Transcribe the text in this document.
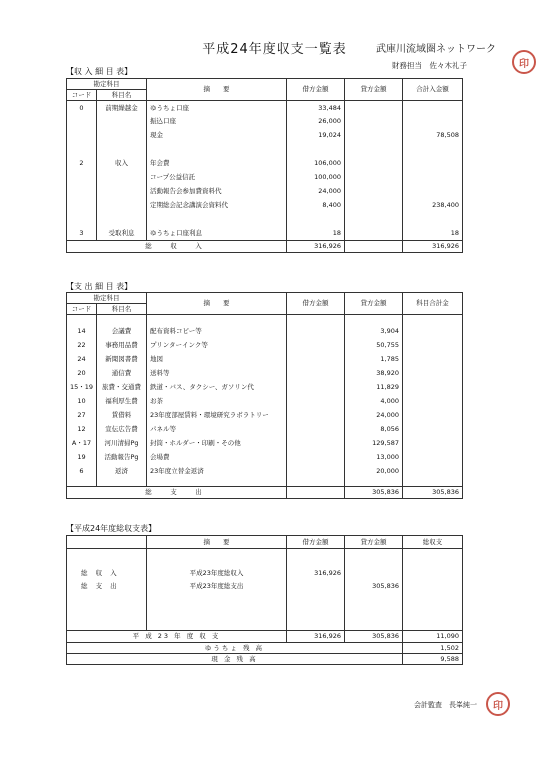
平成24年度収支一覧表	武庫川流域圏ネットワーク
財務担当　佐々木礼子	印
【収 入 細 目 表】
勘定科目		摘　　要	借方金額	貸方金額	合計入金額
コード	科目名				
0	前期繰越金	ゆうちょ口座	33,484		
		振込口座	26,000		
		現金	19,024		78,508

2	収入	年会費	106,000		
		コープ公益信託	100,000		
		活動報告会参加費資料代	24,000		
		定期総会記念講演会資料代	8,400		238,400

3	受取利息	ゆうちょ口座利息	18		18
総　収　入			316,926		316,926
【支 出 細 目 表】
勘定科目		摘　　要	借方金額	貸方金額	科目合計金
コード	科目名				

14	会議費	配布資料コピー等		3,904	
22	事務用品費	プリンターインク等		50,755	
24	新聞図書費	地図		1,785	
20	通信費	送料等		38,920	
15・19	旅費・交通費	鉄道・バス、タクシー、ガソリン代		11,829	
10	福利厚生費	お茶		4,000	
27	賃借料	23年度部屋賃料・環境研究ラボラトリー		24,000	
12	宣伝広告費	パネル等		8,056	
A・17	河川清掃Pg	封筒・ホルダー・印刷・その他		129,587	
19	活動報告Pg	会場費		13,000	
6	返済	23年度立替金返済		20,000	

総　支　出				305,836	305,836
【平成24年度総収支表】
	摘　　要	借方金額	貸方金額	総収支

総 収 入	平成23年度総収入	316,926		
総 支 出	平成23年度総支出		305,836	

平 成 23 年 度 収 支		316,926	305,836	11,090
ゆうちょ 残 高				1,502
現 金 残 高				9,588
会計監査　長峯純一 印
